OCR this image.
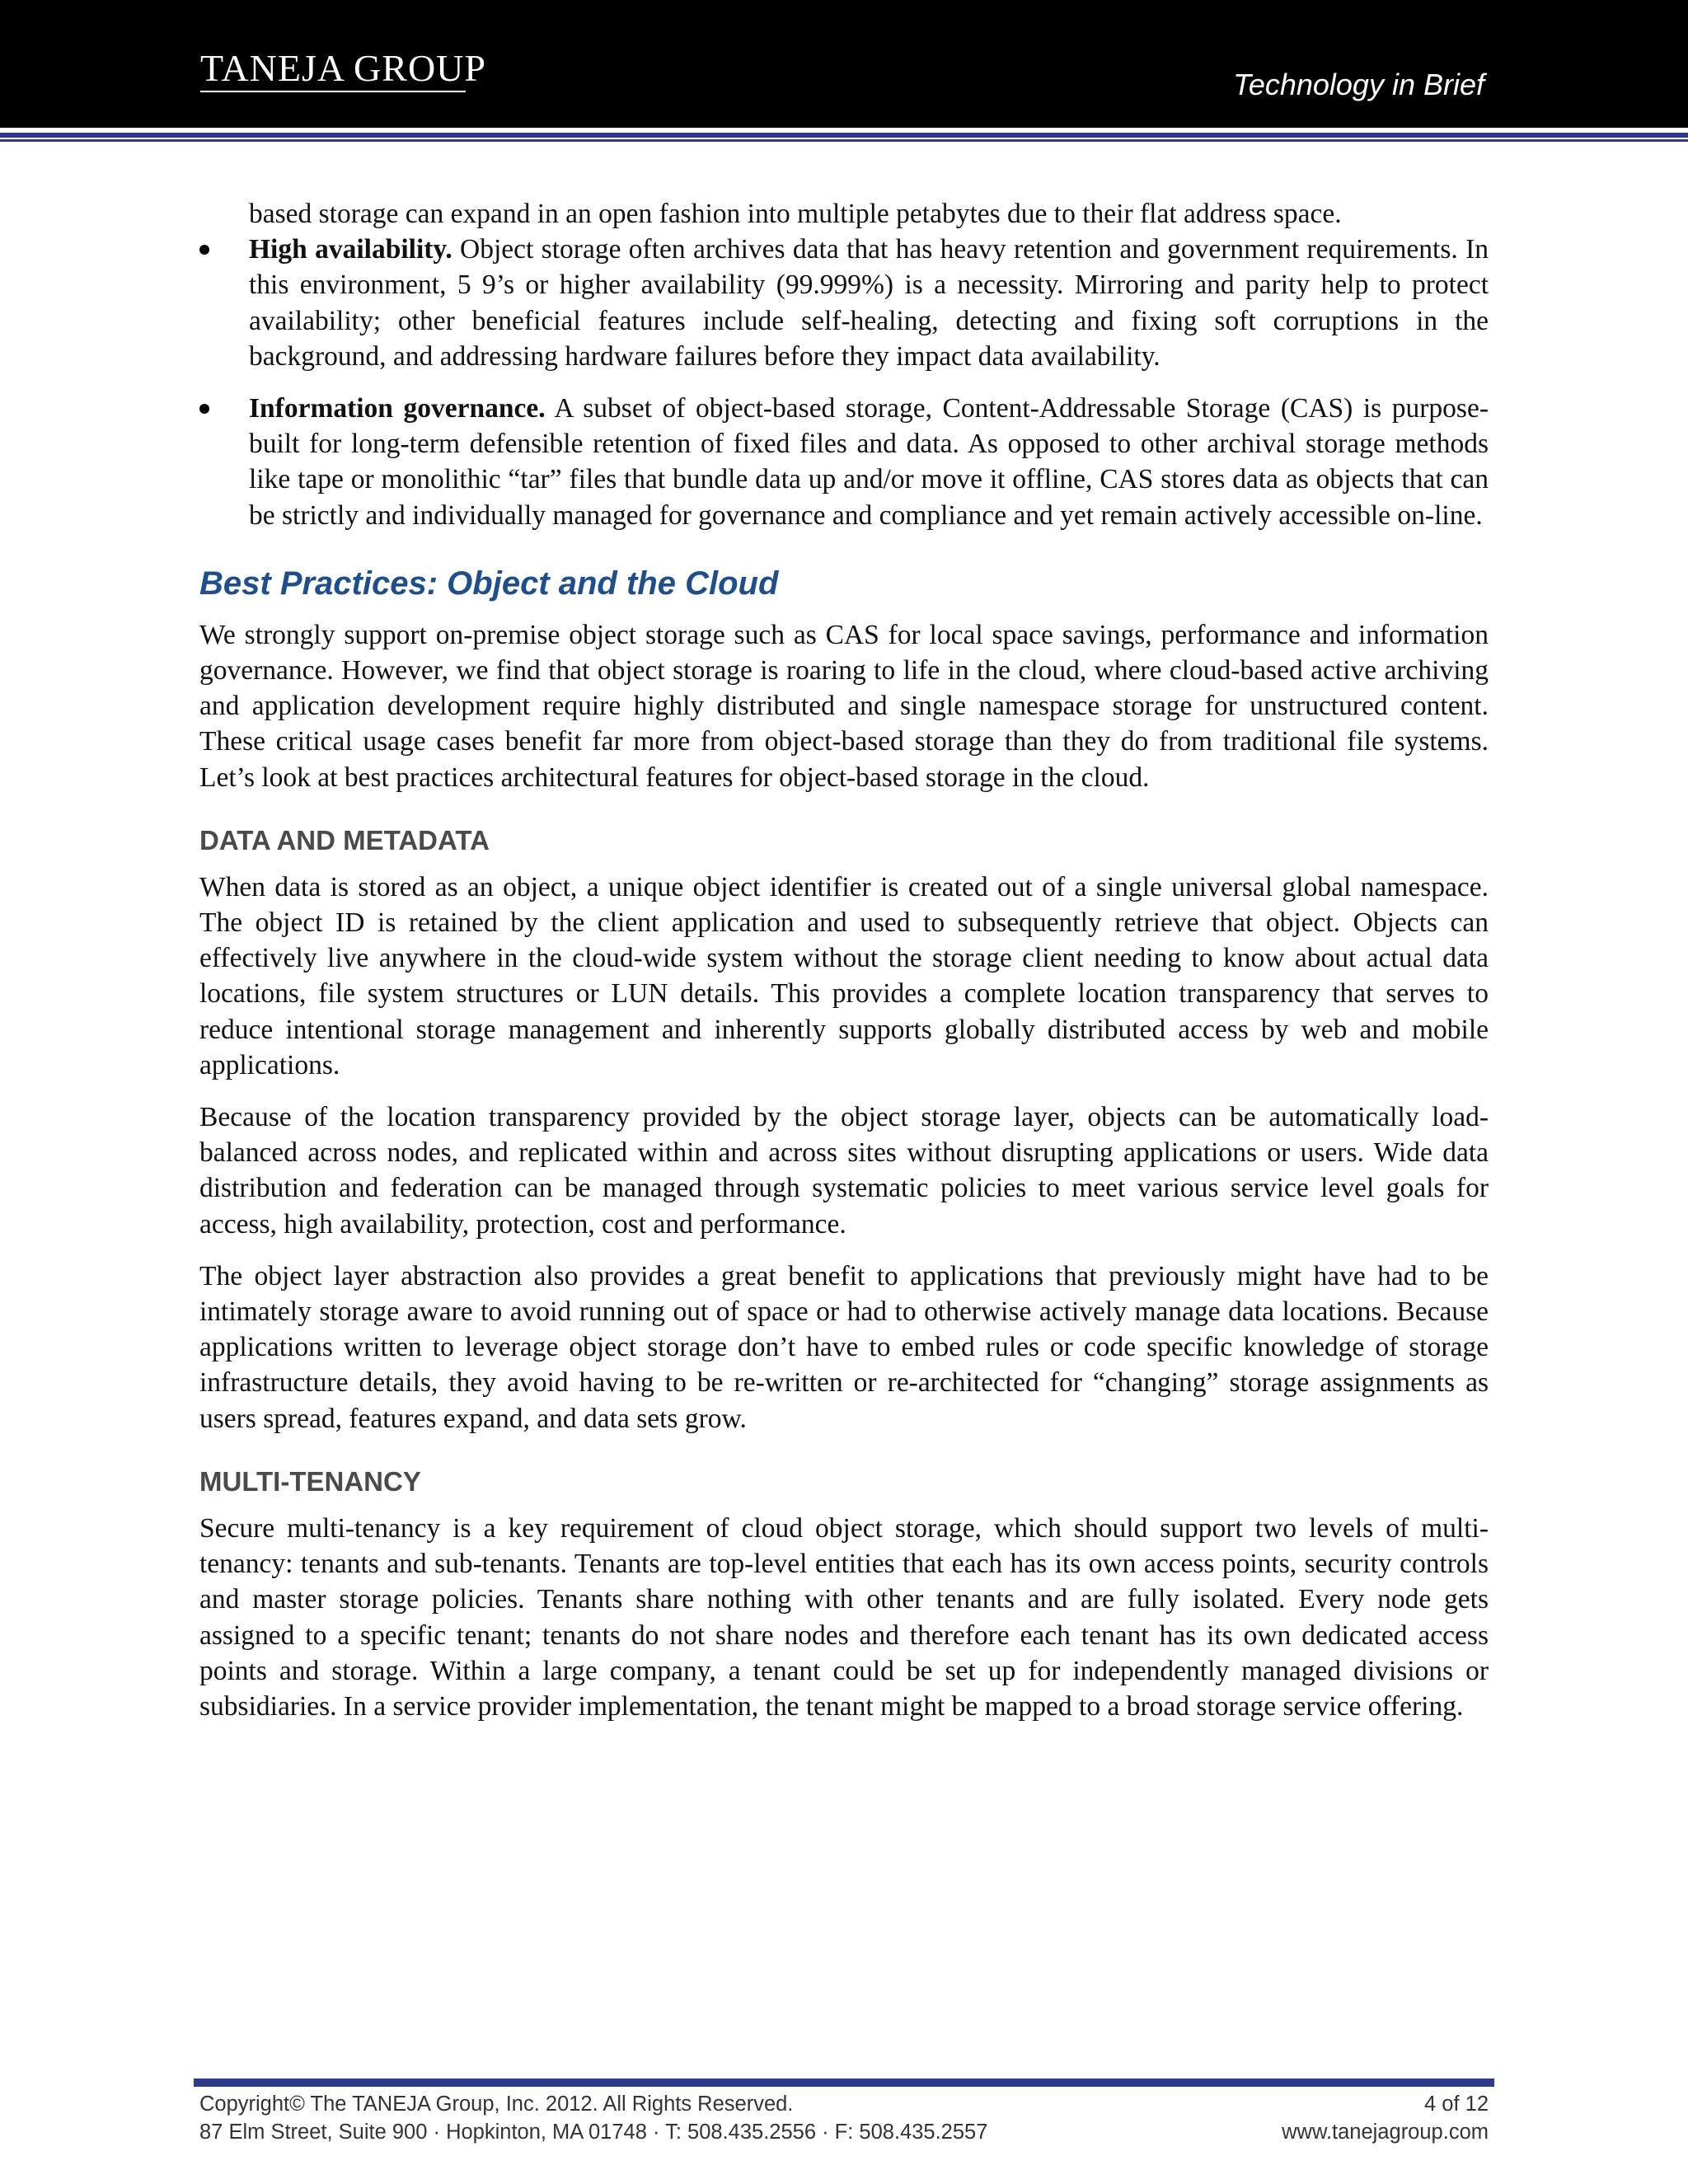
TANEJA GROUP	Technology in Brief

based storage can expand in an open fashion into multiple petabytes due to their flat address space.

High availability. Object storage often archives data that has heavy retention and government requirements. In this environment, 5 9’s or higher availability (99.999%) is a necessity. Mirroring and parity help to protect availability; other beneficial features include self-healing, detecting and fixing soft corruptions in the background, and addressing hardware failures before they impact data availability.
Information governance. A subset of object-based storage, Content-Addressable Storage (CAS) is purpose-built for long-term defensible retention of fixed files and data. As opposed to other archival storage methods like tape or monolithic “tar” files that bundle data up and/or move it offline, CAS stores data as objects that can be strictly and individually managed for governance and compliance and yet remain actively accessible on-line.
Best Practices: Object and the Cloud

We strongly support on-premise object storage such as CAS for local space savings, performance and information governance. However, we find that object storage is roaring to life in the cloud, where cloud-based active archiving and application development require highly distributed and single namespace storage for unstructured content. These critical usage cases benefit far more from object-based storage than they do from traditional file systems. Let’s look at best practices architectural features for object-based storage in the cloud.

DATA AND METADATA

When data is stored as an object, a unique object identifier is created out of a single universal global namespace. The object ID is retained by the client application and used to subsequently retrieve that object. Objects can effectively live anywhere in the cloud-wide system without the storage client needing to know about actual data locations, file system structures or LUN details. This provides a complete location transparency that serves to reduce intentional storage management and inherently supports globally distributed access by web and mobile applications.

Because of the location transparency provided by the object storage layer, objects can be automatically load-balanced across nodes, and replicated within and across sites without disrupting applications or users. Wide data distribution and federation can be managed through systematic policies to meet various service level goals for access, high availability, protection, cost and performance.

The object layer abstraction also provides a great benefit to applications that previously might have had to be intimately storage aware to avoid running out of space or had to otherwise actively manage data locations. Because applications written to leverage object storage don’t have to embed rules or code specific knowledge of storage infrastructure details, they avoid having to be re-written or re-architected for “changing” storage assignments as users spread, features expand, and data sets grow.

MULTI-TENANCY

Secure multi-tenancy is a key requirement of cloud object storage, which should support two levels of multi-tenancy: tenants and sub-tenants. Tenants are top-level entities that each has its own access points, security controls and master storage policies. Tenants share nothing with other tenants and are fully isolated. Every node gets assigned to a specific tenant; tenants do not share nodes and therefore each tenant has its own dedicated access points and storage. Within a large company, a tenant could be set up for independently managed divisions or subsidiaries. In a service provider implementation, the tenant might be mapped to a broad storage service offering.

Copyright© The TANEJA Group, Inc. 2012. All Rights Reserved.	4 of 12
87 Elm Street, Suite 900 · Hopkinton, MA 01748 · T: 508.435.2556 · F: 508.435.2557	www.tanejagroup.com
